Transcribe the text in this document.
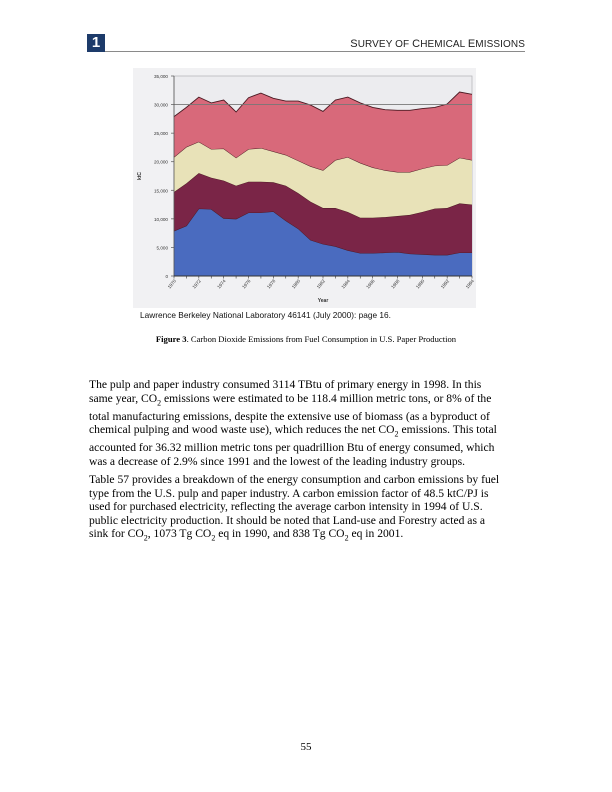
1	SURVEY OF CHEMICAL EMISSIONS
0
5,000
10,000
15,000
20,000
25,000
30,000
35,000
ktC
1970	1972	1974	1976	1978	1980	1982	1984	1986	1988	1990	1992	1994
Year
Lawrence Berkeley National Laboratory 46141 (July 2000): page 16.
Figure 3. Carbon Dioxide Emissions from Fuel Consumption in U.S. Paper Production
The pulp and paper industry consumed 3114 TBtu of primary energy in 1998. In this
same year, $CO_2$ emissions were estimated to be 118.4 million metric tons, or 8% of the
total manufacturing emissions, despite the extensive use of biomass (as a byproduct of
chemical pulping and wood waste use), which reduces the net $CO_2$ emissions. This total
accounted for 36.32 million metric tons per quadrillion Btu of energy consumed, which
was a decrease of 2.9% since 1991 and the lowest of the leading industry groups.
Table 57 provides a breakdown of the energy consumption and carbon emissions by fuel
type from the U.S. pulp and paper industry. A carbon emission factor of 48.5 ktC/PJ is
used for purchased electricity, reflecting the average carbon intensity in 1994 of U.S.
public electricity production. It should be noted that Land-use and Forestry acted as a
sink for $CO_2$, 1073 Tg $CO_2$ eq in 1990, and 838 Tg $CO_2$ eq in 2001.
55
